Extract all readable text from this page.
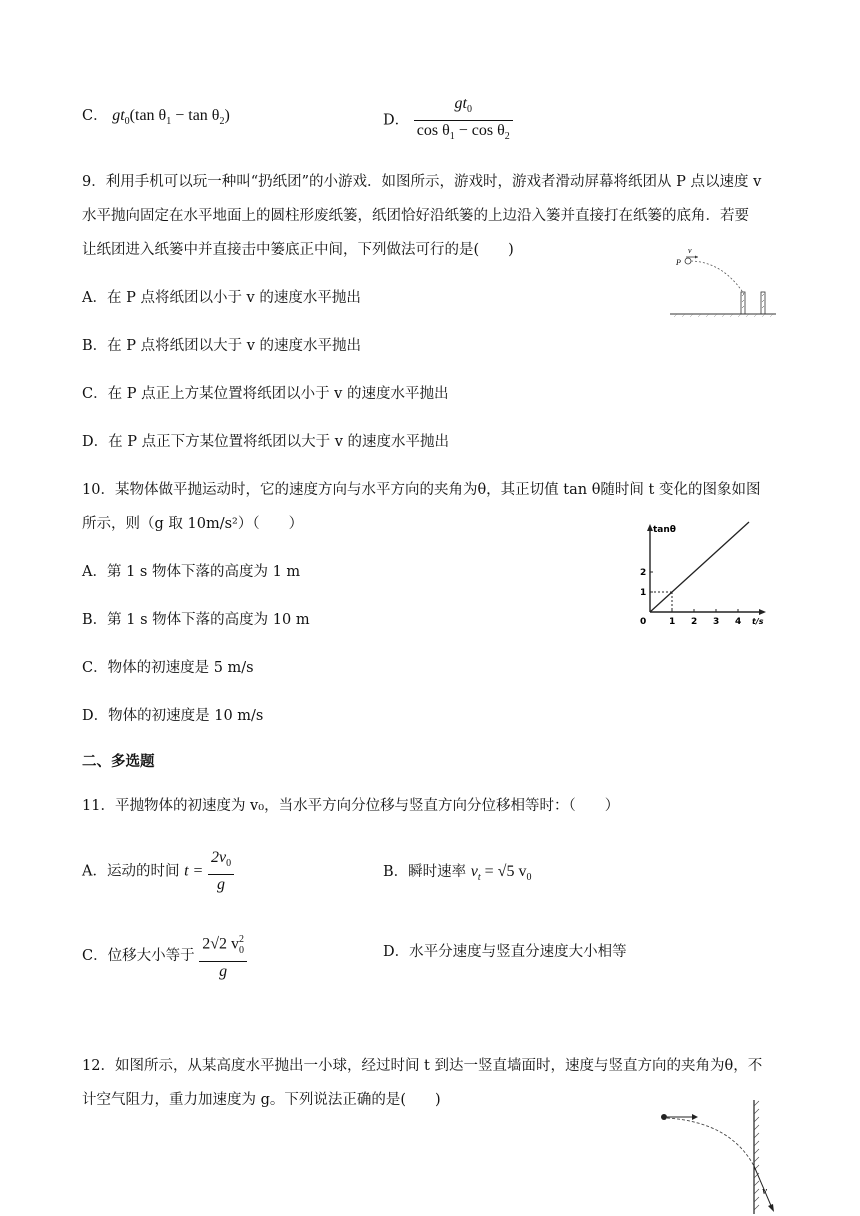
C． $gt_0(\tan$ $\theta_1 - \tan \theta_2$)	D． $\frac{gt_0}{\cos \theta_1 - \cos \theta_2}$
9．利用手机可以玩一种叫“扔纸团”的小游戏．如图所示，游戏时，游戏者滑动屏幕将纸团从 P 点以速度 v
水平抛向固定在水平地面上的圆柱形废纸篓，纸团恰好沿纸篓的上边沿入篓并直接打在纸篓的底角．若要
让纸团进入纸篓中并直接击中篓底正中间，下列做法可行的是(　　)
A．在 P 点将纸团以小于 v 的速度水平抛出
B．在 P 点将纸团以大于 v 的速度水平抛出
C．在 P 点正上方某位置将纸团以小于 v 的速度水平抛出
D．在 P 点正下方某位置将纸团以大于 v 的速度水平抛出
v
P
10．某物体做平抛运动时，它的速度方向与水平方向的夹角为θ，其正切值 tan θ随时间 t 变化的图象如图
所示，则（g 取 10m/s²）（　　）
A．第 1 s 物体下落的高度为 1 m
B．第 1 s 物体下落的高度为 10 m
C．物体的初速度是 5 m/s
D．物体的初速度是 10 m/s
tanθ
t/s
0	1 2 3 4
1
2
二、多选题
11．平抛物体的初速度为 v₀，当水平方向分位移与竖直方向分位移相等时：（　　）
A．运动的时间 $t = \frac{2v_0}{g}$	B．瞬时速率 $v_t = √5$ $v_0$
C．位移大小等于 $\frac{2√2 v^2_0}{g}$	D．水平分速度与竖直分速度大小相等
12．如图所示，从某高度水平抛出一小球，经过时间 t 到达一竖直墙面时，速度与竖直方向的夹角为θ，不
计空气阻力，重力加速度为 g。下列说法正确的是(　　)
v
